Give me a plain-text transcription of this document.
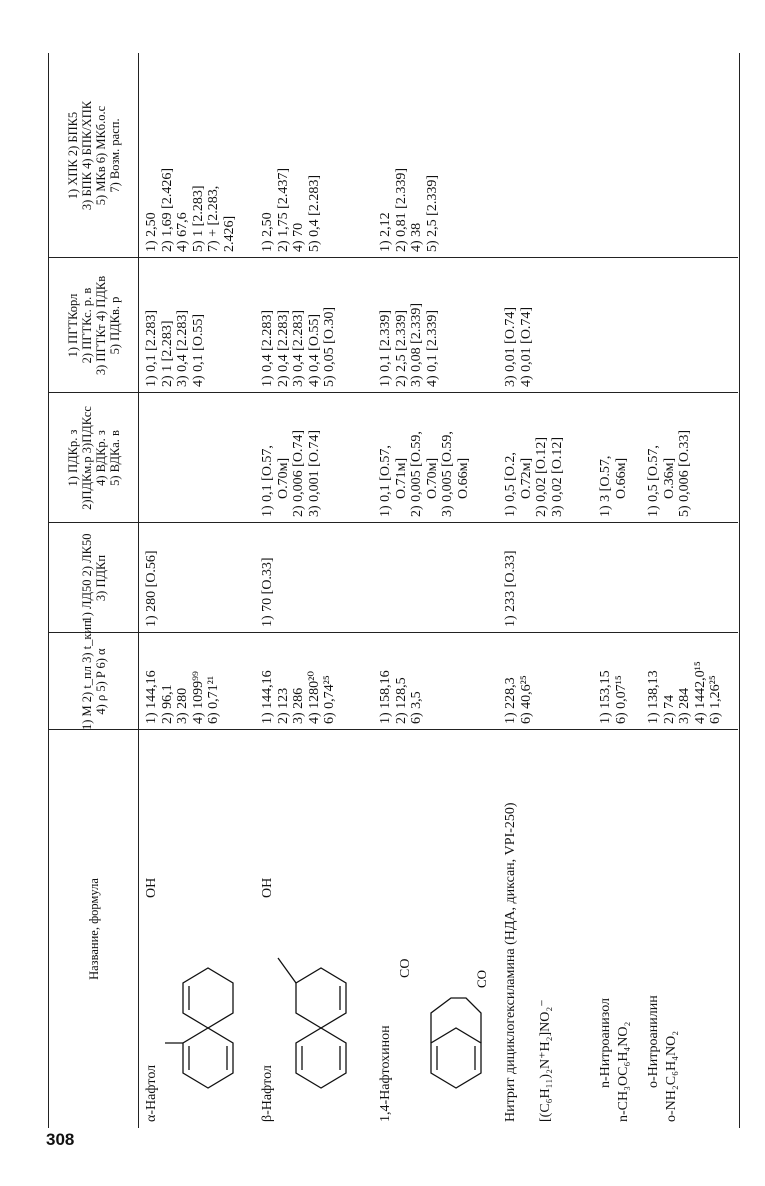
308
Название, формула
1) M 2) t_пл 3) t_кип 4) ρ 5) P 6) α
1) ЛД50 2) ЛК50 3) ПДКп
1) ПДКр. з 2)ПДКм.р 3)ПДКсс 4) ВДКр. з 5) ВДКа. в
1) ПГТКорл 2) ПГТКс. р. в 3) ПГТКт 4) ПДКв 5) ПДКв. р
1) ХПК 2) БПК5 3) БПК 4) БПК/ХПК 5) МКв 6) МКб.о.с 7) Возм. расп.
α-Нафтол
OH
1) 144,16 2) 96,1 3) 280 4) 1099⁹⁹ 6) 0,71²¹
1) 280 [О.56]
1) 0,1 [2.283] 2) 1 [2.283] 3) 0,4 [2.283] 4) 0,1 [О.55]
1) 2,50 2) 1,69 [2.426] 4) 67,6 5) 1 [2.283] 7) + [2.283, 2.426]
β-Нафтол
OH
1) 144,16 2) 123 3) 286 4) 1280²⁰ 6) 0,74²⁵
1) 70 [О.33]
1) 0,1 [О.57, О.70м] 2) 0,006 [О.74] 3) 0,001 [О.74]
1) 0,4 [2.283] 2) 0,4 [2.283] 3) 0,4 [2.283] 4) 0,4 [О.55] 5) 0,05 [О.30]
1) 2,50 2) 1,75 [2.437] 4) 70 5) 0,4 [2.283]
1,4-Нафтохинон
CO
CO
1) 158,16 2) 128,5 6) 3,5
1) 0,1 [О.57, О.71м] 2) 0,005 [О.59, О.70м] 3) 0,005 [О.59, О.66м]
1) 0,1 [2.339] 2) 2,5 [2.339] 3) 0,08 [2.339] 4) 0,1 [2.339]
1) 2,12 2) 0,81 [2.339] 4) 38 5) 2,5 [2.339]
Нитрит дициклогексиламина (НДА, диксан, VPI-250) [(C₆H₁₁)₂N⁺H₂]NO₂⁻
1) 228,3 6) 40,6²⁵
1) 233 [О.33]
1) 0,5 [О.2, О.72м] 2) 0,02 [О.12] 3) 0,02 [О.12]
3) 0,01 [О.74] 4) 0,01 [О.74]
n-Нитроанизол n-CH₃OC₆H₄NO₂
1) 153,15 6) 0,07¹⁵
1) 3 [О.57, О.66м]
о-Нитроанилин о-NH₂C₆H₄NO₂
1) 138,13 2) 74 3) 284 4) 1442,0¹⁵ 6) 1,26²⁵
1) 0,5 [О.57, О.36м] 5) 0,006 [О.33]
